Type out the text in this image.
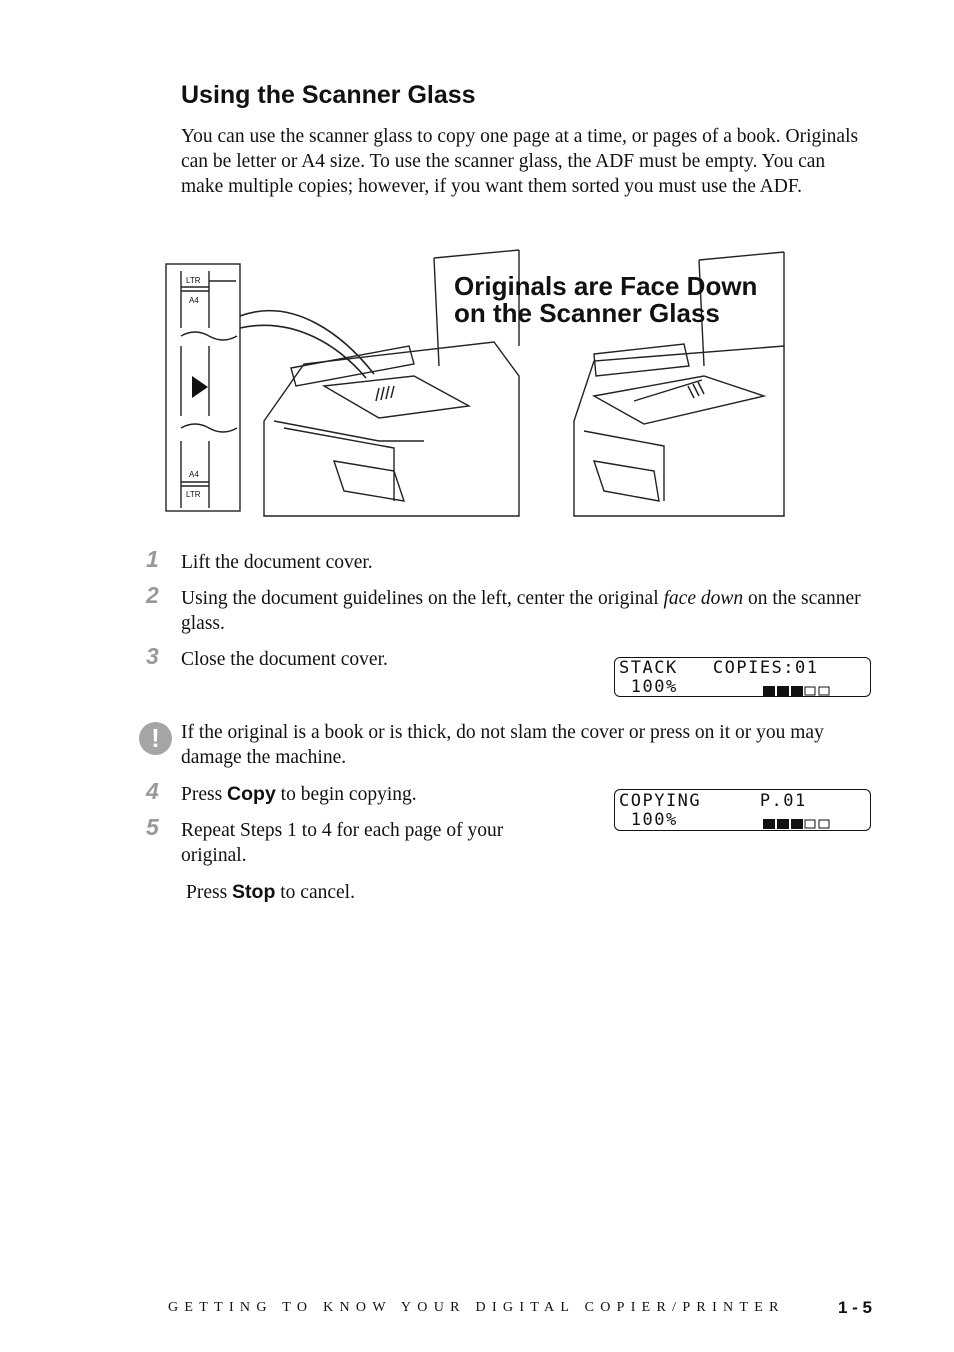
Using the Scanner Glass

You can use the scanner glass to copy one page at a time, or pages of a book. Originals can be letter or A4 size. To use the scanner glass, the ADF must be empty. You can make multiple copies; however, if you want them sorted you must use the ADF.

Originals are Face Down
on the Scanner Glass
LTR
A4
A4
LTR
1 Lift the document cover.
2 Using the document guidelines on the left, center the original face down on the scanner glass.
3 Close the document cover.	STACK   COPIES:01
100%
!	If the original is a book or is thick, do not slam the cover or press on it or you may damage the machine.
4 Press Copy to begin copying.	COPYING     P.01
100%
5 Repeat Steps 1 to 4 for each page of your original.
Press Stop to cancel.
GETTING TO KNOW YOUR DIGITAL COPIER/PRINTER	1 - 5
